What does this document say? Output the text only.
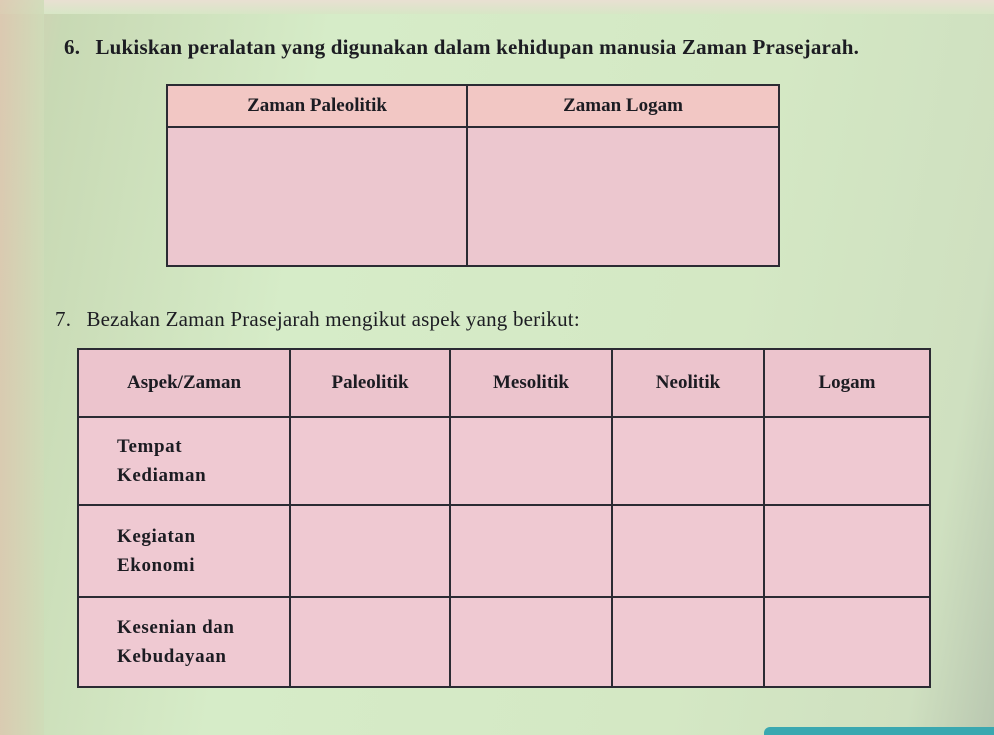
6. Lukiskan peralatan yang digunakan dalam kehidupan manusia Zaman Prasejarah.
Zaman Paleolitik	Zaman Logam

7. Bezakan Zaman Prasejarah mengikut aspek yang berikut:
Aspek/Zaman	Paleolitik	Mesolitik	Neolitik	Logam

Tempat
Kediaman				

Kegiatan
Ekonomi				

Kesenian dan
Kebudayaan				
